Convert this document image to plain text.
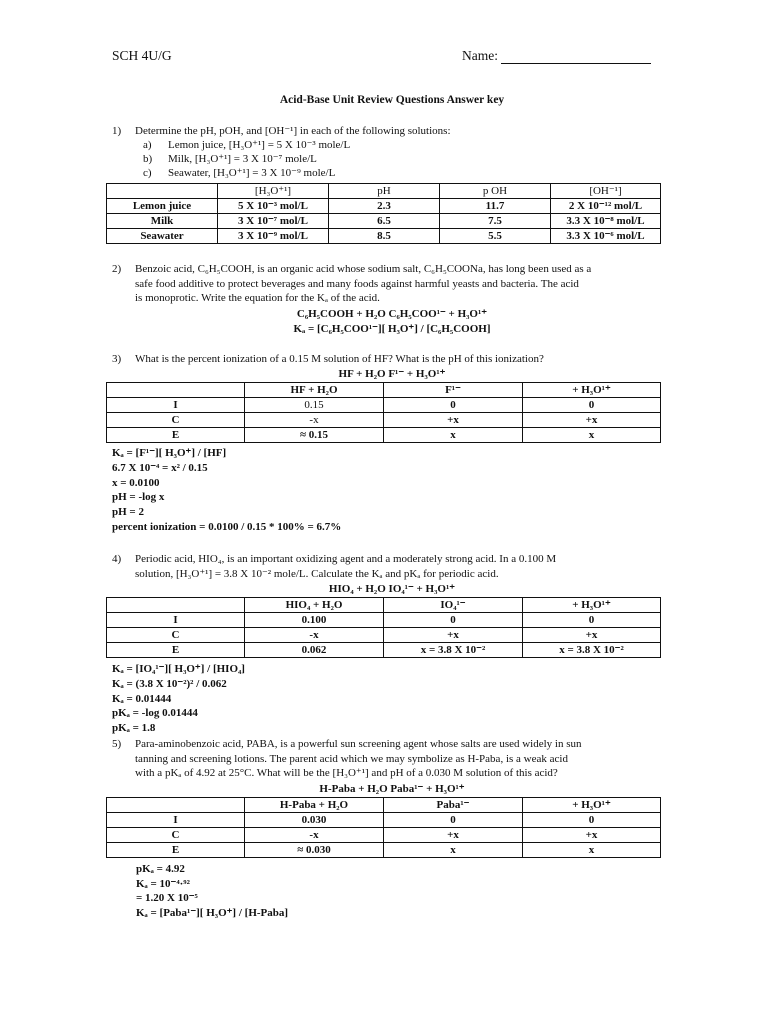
SCH 4U/G	Name:
Acid-Base Unit Review Questions Answer key
1) Determine the pH, pOH, and [OH⁻¹] in each of the following solutions:
a) Lemon juice, [H₃O⁺¹] = 5 X 10⁻³ mole/L
b) Milk, [H₃O⁺¹] = 3 X 10⁻⁷ mole/L
c) Seawater, [H₃O⁺¹] = 3 X 10⁻⁹ mole/L
	[H₃O⁺¹]	pH	p OH	[OH⁻¹]
Lemon juice	5 X 10⁻³ mol/L	2.3	11.7	2 X 10⁻¹² mol/L
Milk	3 X 10⁻⁷ mol/L	6.5	7.5	3.3 X 10⁻⁸ mol/L
Seawater	3 X 10⁻⁹ mol/L	8.5	5.5	3.3 X 10⁻⁶ mol/L
2) Benzoic acid, C₆H₅COOH, is an organic acid whose sodium salt, C₆H₅COONa, has long been used as a
safe food additive to protect beverages and many foods against harmful yeasts and bacteria. The acid
is monoprotic. Write the equation for the Kₐ of the acid.
C₆H₅COOH + H₂O C₆H₅COO¹⁻ + H₃O¹⁺
Kₐ = [C₆H₅COO¹⁻][ H₃O⁺] / [C₆H₅COOH]
3) What is the percent ionization of a 0.15 M solution of HF? What is the pH of this ionization?
HF + H₂O F¹⁻ + H₃O¹⁺
	HF + H₂O	F¹⁻	+ H₃O¹⁺
I	0.15	0	0
C	-x	+x	+x
E	≈ 0.15	x	x
Kₐ = [F¹⁻][ H₃O⁺] / [HF]
6.7 X 10⁻⁴ = x² / 0.15
x = 0.0100
pH = -log x
pH = 2
percent ionization = 0.0100 / 0.15 * 100% = 6.7%
4) Periodic acid, HIO₄, is an important oxidizing agent and a moderately strong acid. In a 0.100 M
solution, [H₃O⁺¹] = 3.8 X 10⁻² mole/L. Calculate the Kₐ and pKₐ for periodic acid.
HIO₄ + H₂O IO₄¹⁻ + H₃O¹⁺
	HIO₄ + H₂O	IO₄¹⁻	+ H₃O¹⁺
I	0.100	0	0
C	-x	+x	+x
E	0.062	x = 3.8 X 10⁻²	x = 3.8 X 10⁻²
Kₐ = [IO₄¹⁻][ H₃O⁺] / [HIO₄]
Kₐ = (3.8 X 10⁻²)² / 0.062
Kₐ = 0.01444
pKₐ = -log 0.01444
pKₐ = 1.8
5) Para-aminobenzoic acid, PABA, is a powerful sun screening agent whose salts are used widely in sun
tanning and screening lotions. The parent acid which we may symbolize as H-Paba, is a weak acid
with a pKₐ of 4.92 at 25°C. What will be the [H₃O⁺¹] and pH of a 0.030 M solution of this acid?
H-Paba + H₂O Paba¹⁻ + H₃O¹⁺
	H-Paba + H₂O	Paba¹⁻	+ H₃O¹⁺
I	0.030	0	0
C	-x	+x	+x
E	≈ 0.030	x	x
pKₐ = 4.92
Kₐ = 10⁻⁴·⁹²
= 1.20 X 10⁻⁵
Kₐ = [Paba¹⁻][ H₃O⁺] / [H-Paba]
